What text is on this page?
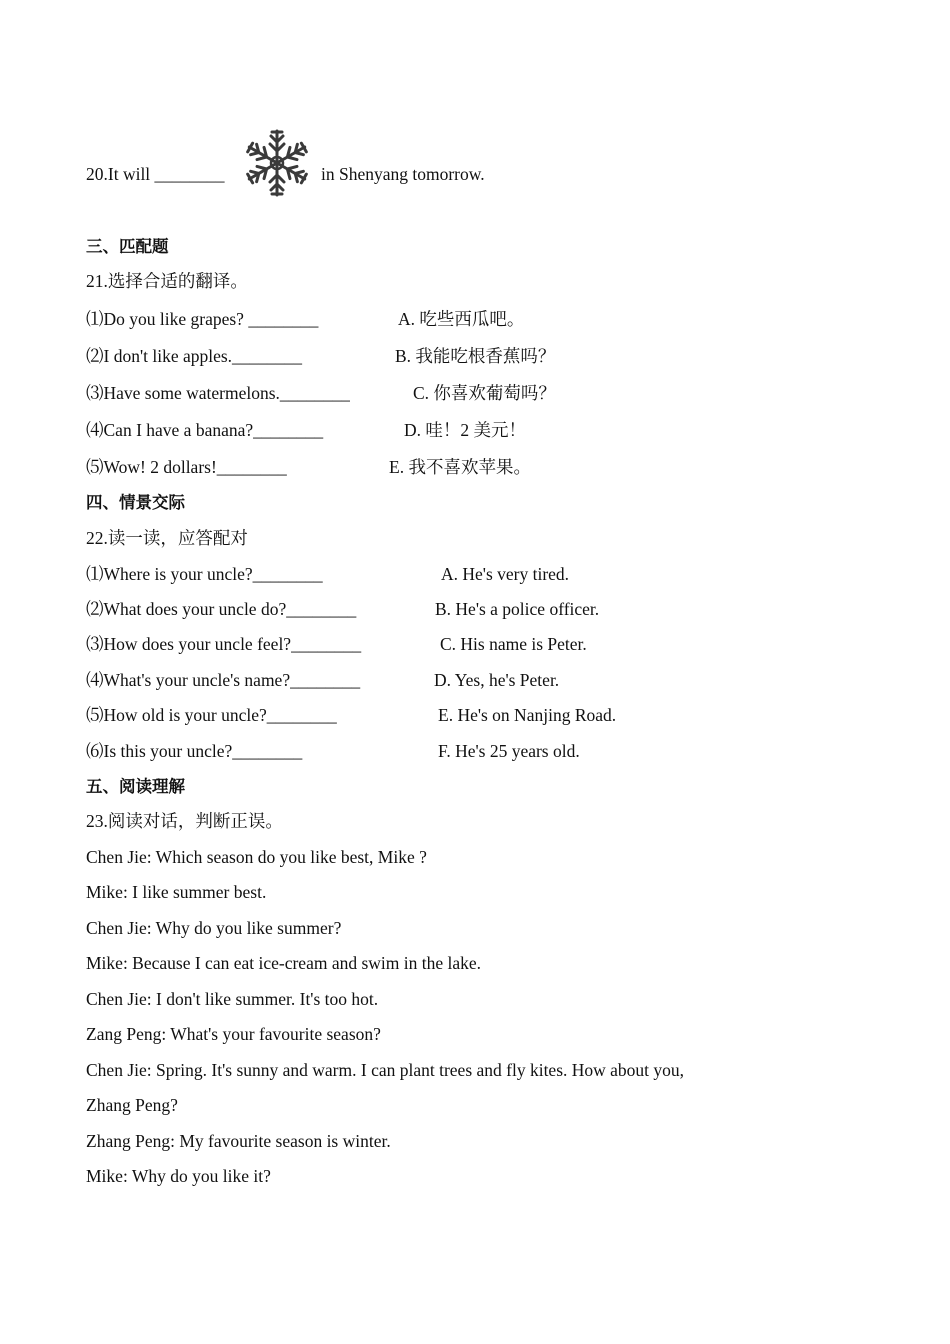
20.It will ________	in Shenyang tomorrow.
三、匹配题
21.选择合适的翻译。
⑴Do you like grapes? ________	A. 吃些西瓜吧。
⑵I don't like apples.________	B. 我能吃根香蕉吗？
⑶Have some watermelons.________	C. 你喜欢葡萄吗？
⑷Can I have a banana?________	D. 哇！2 美元！
⑸Wow! 2 dollars!________	E. 我不喜欢苹果。
四、情景交际
22.读一读，应答配对
⑴Where is your uncle?________	A. He's very tired.
⑵What does your uncle do?________	B. He's a police officer.
⑶How does your uncle feel?________	C. His name is Peter.
⑷What's your uncle's name?________	D. Yes, he's Peter.
⑸How old is your uncle?________	E. He's on Nanjing Road.
⑹Is this your uncle?________	F. He's 25 years old.
五、阅读理解
23.阅读对话，判断正误。
Chen Jie: Which season do you like best, Mike ?
Mike: I like summer best.
Chen Jie: Why do you like summer?
Mike: Because I can eat ice-cream and swim in the lake.
Chen Jie: I don't like summer. It's too hot.
Zang Peng: What's your favourite season?
Chen Jie: Spring. It's sunny and warm. I can plant trees and fly kites. How about you,
Zhang Peng?
Zhang Peng: My favourite season is winter.
Mike: Why do you like it?
